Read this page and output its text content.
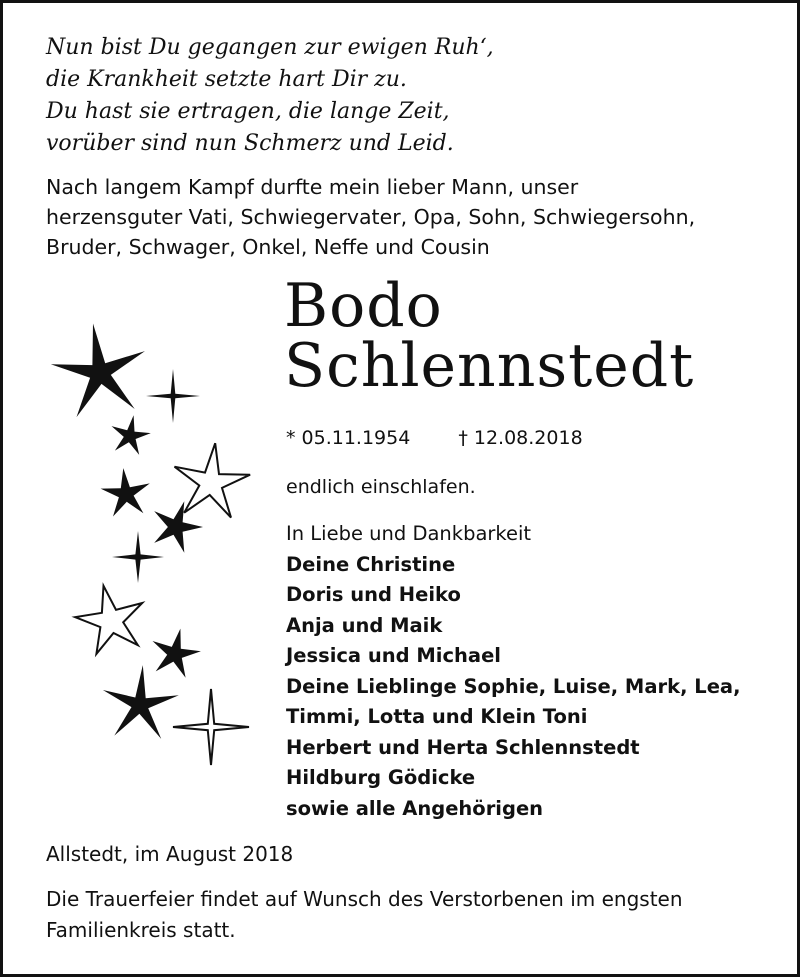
Nun bist Du gegangen zur ewigen Ruh‘,
die Krankheit setzte hart Dir zu.
Du hast sie ertragen, die lange Zeit,
vorüber sind nun Schmerz und Leid.
Nach langem Kampf durfte mein lieber Mann, unser
herzensguter Vati, Schwiegervater, Opa, Sohn, Schwiegersohn,
Bruder, Schwager, Onkel, Neffe und Cousin
Bodo
Schlennstedt
* 05.11.1954	† 12.08.2018
endlich einschlafen.
In Liebe und Dankbarkeit
Deine Christine
Doris und Heiko
Anja und Maik
Jessica und Michael
Deine Lieblinge Sophie, Luise, Mark, Lea,
Timmi, Lotta und Klein Toni
Herbert und Herta Schlennstedt
Hildburg Gödicke
sowie alle Angehörigen
Allstedt, im August 2018
Die Trauerfeier findet auf Wunsch des Verstorbenen im engsten
Familienkreis statt.
